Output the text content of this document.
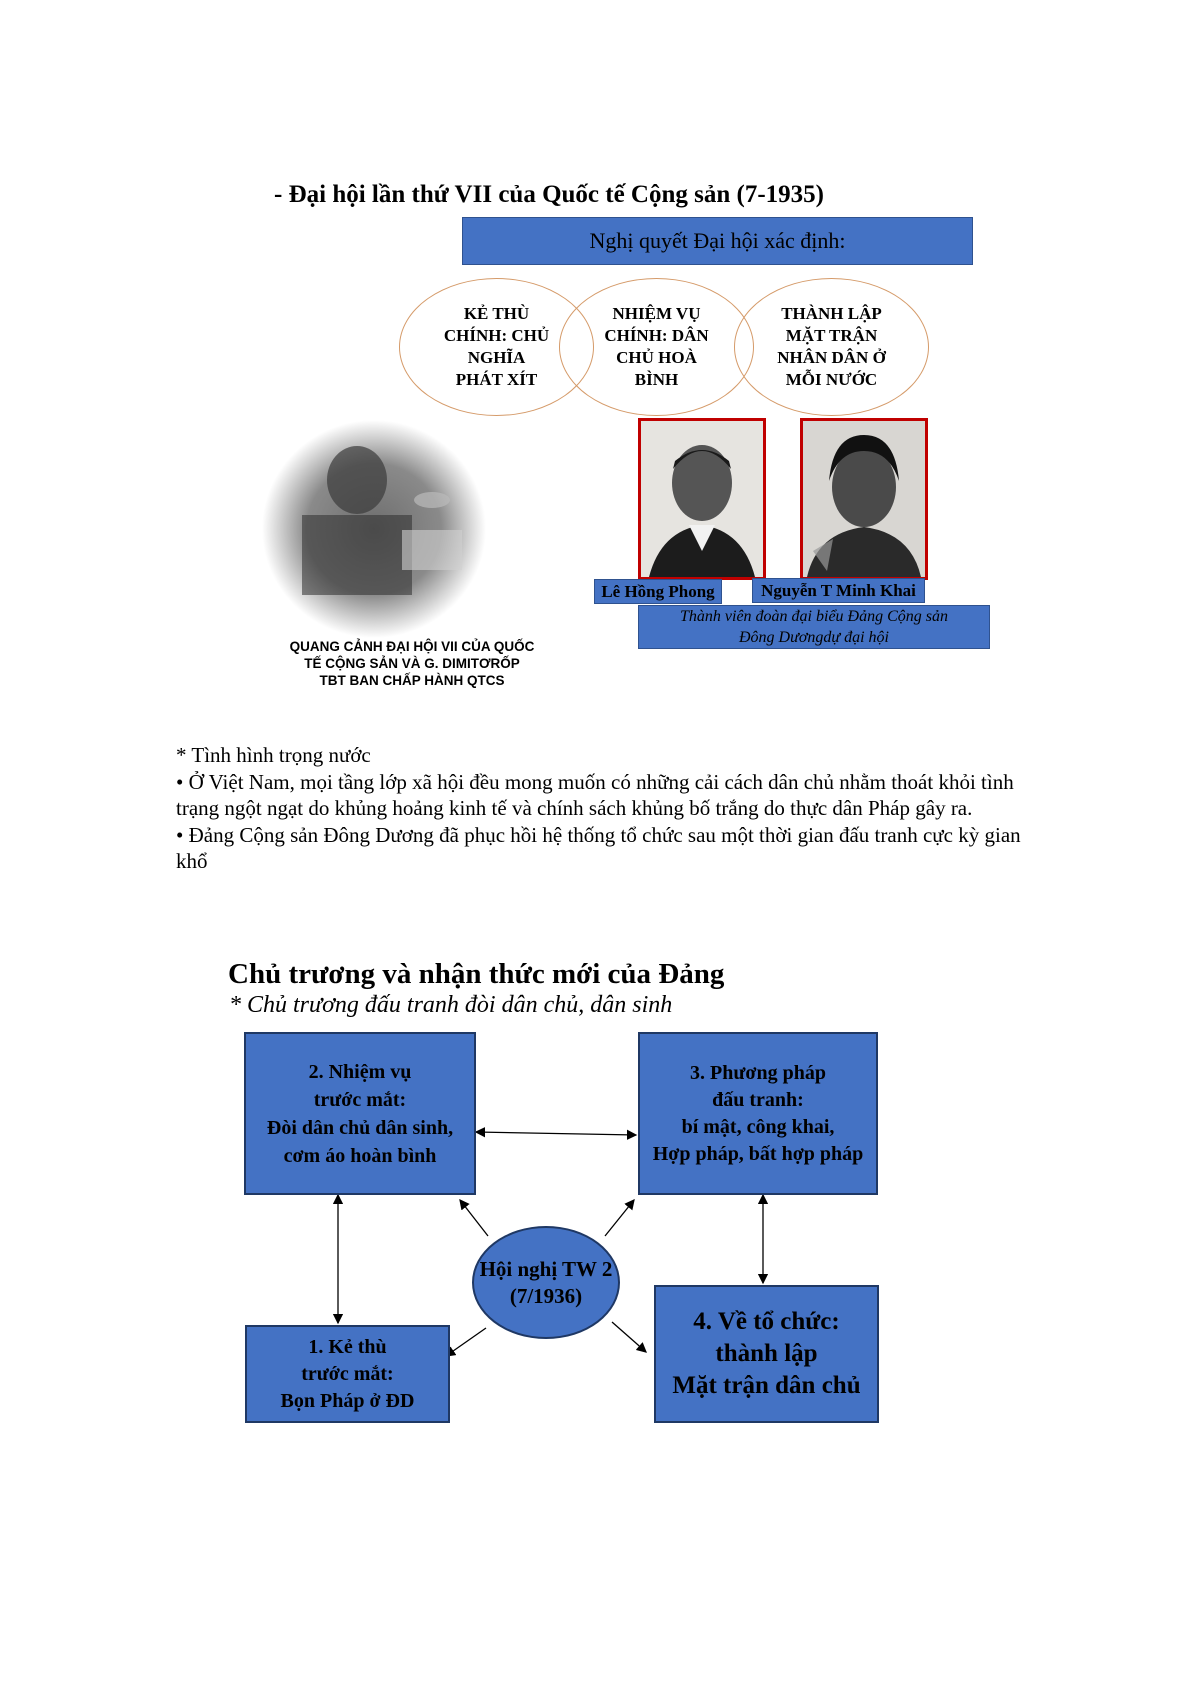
- Đại hội lần thứ VII của Quốc tế Cộng sản (7-1935)
Nghị quyết Đại hội xác định:
KẺ THÙ
CHÍNH: CHỦ
NGHĨA
PHÁT XÍT
NHIỆM VỤ
CHÍNH: DÂN
CHỦ HOÀ
BÌNH
THÀNH LẬP
MẶT TRẬN
NHÂN DÂN Ở
MỖI NƯỚC
QUANG CẢNH ĐẠI HỘI VII CỦA QUỐC
TẾ CỘNG SẢN VÀ G. DIMITƠRỐP
TBT BAN CHẤP HÀNH QTCS
Lê Hồng Phong	Nguyễn T Minh Khai
Thành viên đoàn đại biểu Đảng Cộng sản
Đông Dươngdự đại hội

* Tình hình trọng nước

• Ở Việt Nam, mọi tầng lớp xã hội đều mong muốn có những cải cách dân chủ nhằm thoát khỏi tình trạng ngột ngạt do khủng hoảng kinh tế và chính sách khủng bố trắng do thực dân Pháp gây ra.

• Đảng Cộng sản Đông Dương đã phục hồi hệ thống tổ chức sau một thời gian đấu tranh cực kỳ gian khổ

Chủ trương và nhận thức mới của Đảng
* Chủ trương đấu tranh đòi dân chủ, dân sinh
2. Nhiệm vụ
trước mắt:
Đòi dân chủ dân sinh,
cơm áo hoàn bình
3. Phương pháp
đấu tranh:
bí mật, công khai,
Hợp pháp, bất hợp pháp
Hội nghị TW 2
(7/1936)
1. Kẻ thù
trước mắt:
Bọn Pháp ở ĐD
4. Về tổ chức:
thành lập
Mặt trận dân chủ
